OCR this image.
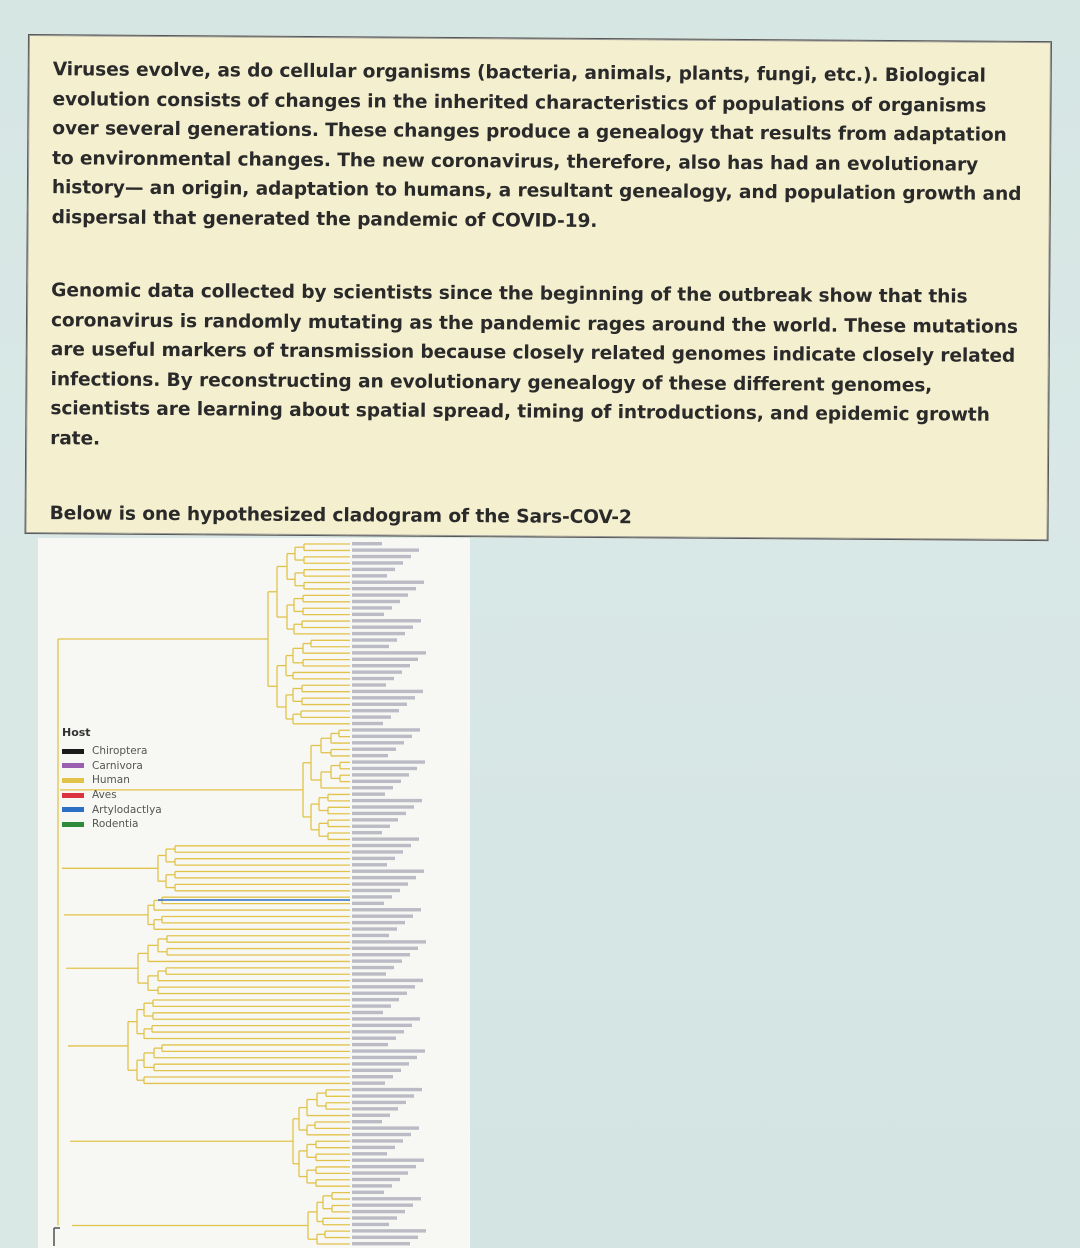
Viruses evolve, as do cellular organisms (bacteria, animals, plants, fungi, etc.). Biological evolution consists of changes in the inherited characteristics of populations of organisms over several generations. These changes produce a genealogy that results from adaptation to environmental changes. The new coronavirus, therefore, also has had an evolutionary history— an origin, adaptation to humans, a resultant genealogy, and population growth and dispersal that generated the pandemic of COVID-19.

Genomic data collected by scientists since the beginning of the outbreak show that this coronavirus is randomly mutating as the pandemic rages around the world. These mutations are useful markers of transmission because closely related genomes indicate closely related infections. By reconstructing an evolutionary genealogy of these different genomes, scientists are learning about spatial spread, timing of introductions, and epidemic growth rate.

Below is one hypothesized cladogram of the Sars-COV-2

Host
Chiroptera
Carnivora
Human
Aves
Artylodactlya
Rodentia
